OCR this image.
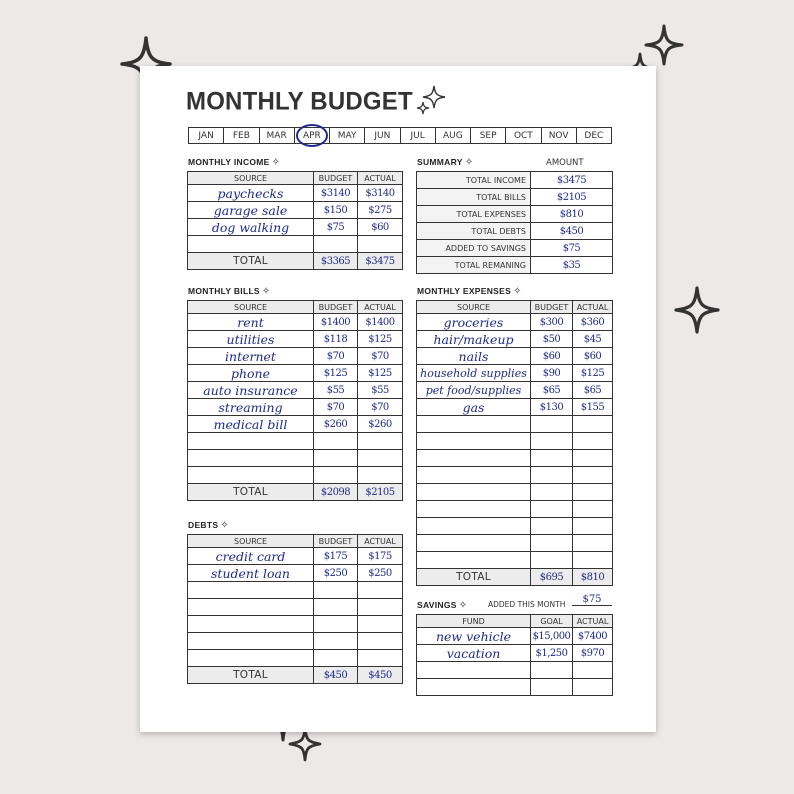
MONTHLY BUDGET
JAN	FEB	MAR	APR	MAY	JUN	JUL	AUG	SEP	OCT	NOV	DEC
MONTHLY INCOME ✧	SUMMARY ✧	AMOUNT
MONTHLY BILLS ✧	MONTHLY EXPENSES ✧
DEBTS ✧
SAVINGS ✧	ADDED THIS MONTH	$75
SOURCE	BUDGET	ACTUAL
paychecks	$3140	$3140
garage sale	$150	$275
dog walking	$75	$60

TOTAL	$3365	$3475
TOTAL INCOME	$3475
TOTAL BILLS	$2105
TOTAL EXPENSES	$810
TOTAL DEBTS	$450
ADDED TO SAVINGS	$75
TOTAL REMANING	$35
SOURCE	BUDGET	ACTUAL
rent	$1400	$1400
utilities	$118	$125
internet	$70	$70
phone	$125	$125
auto insurance	$55	$55
streaming	$70	$70
medical bill	$260	$260

TOTAL	$2098	$2105
SOURCE	BUDGET	ACTUAL
groceries	$300	$360
hair/makeup	$50	$45
nails	$60	$60
household supplies	$90	$125
pet food/supplies	$65	$65
gas	$130	$155

TOTAL	$695	$810
SOURCE	BUDGET	ACTUAL
credit card	$175	$175
student loan	$250	$250

TOTAL	$450	$450
FUND	GOAL	ACTUAL
new vehicle	$15,000	$7400
vacation	$1,250	$970
